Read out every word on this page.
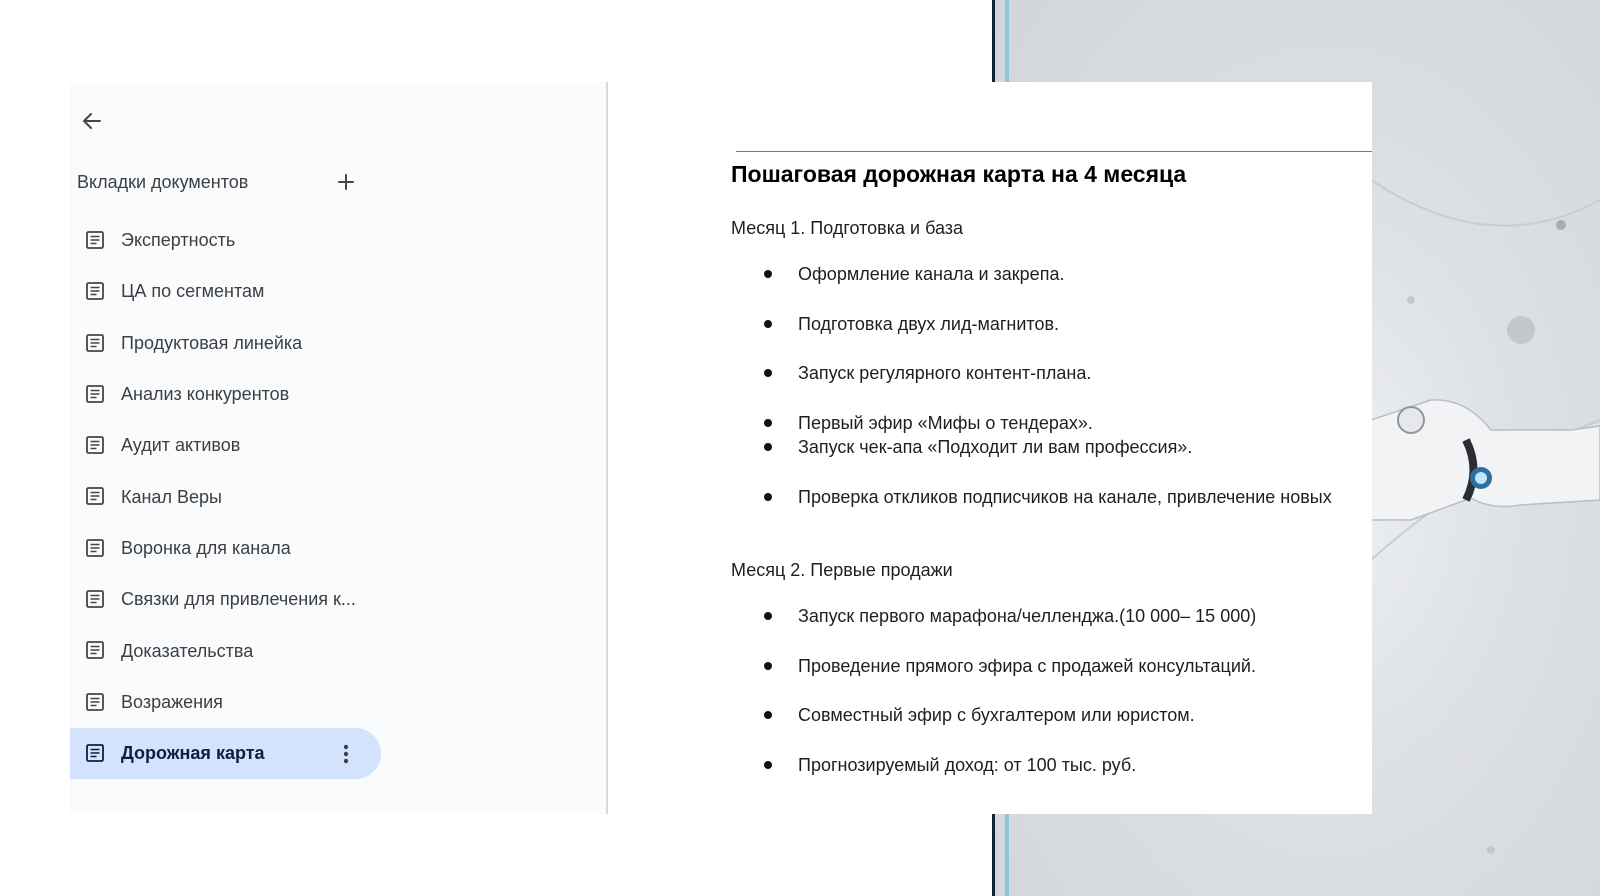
Вкладки документов
Экспертность
ЦА по сегментам
Продуктовая линейка
Анализ конкурентов
Аудит активов
Канал Веры
Воронка для канала
Связки для привлечения к...
Доказательства
Возражения
Дорожная карта
Пошаговая дорожная карта на 4 месяца
Месяц 1. Подготовка и база
Оформление канала и закрепа.
Подготовка двух лид-магнитов.
Запуск регулярного контент-плана.
Первый эфир «Мифы о тендерах».
Запуск чек-апа «Подходит ли вам профессия».
Проверка откликов подписчиков на канале, привлечение новых
Месяц 2. Первые продажи
Запуск первого марафона/челленджа.(10 000– 15 000)
Проведение прямого эфира с продажей консультаций.
Совместный эфир с бухгалтером или юристом.
Прогнозируемый доход: от 100 тыс. руб.
